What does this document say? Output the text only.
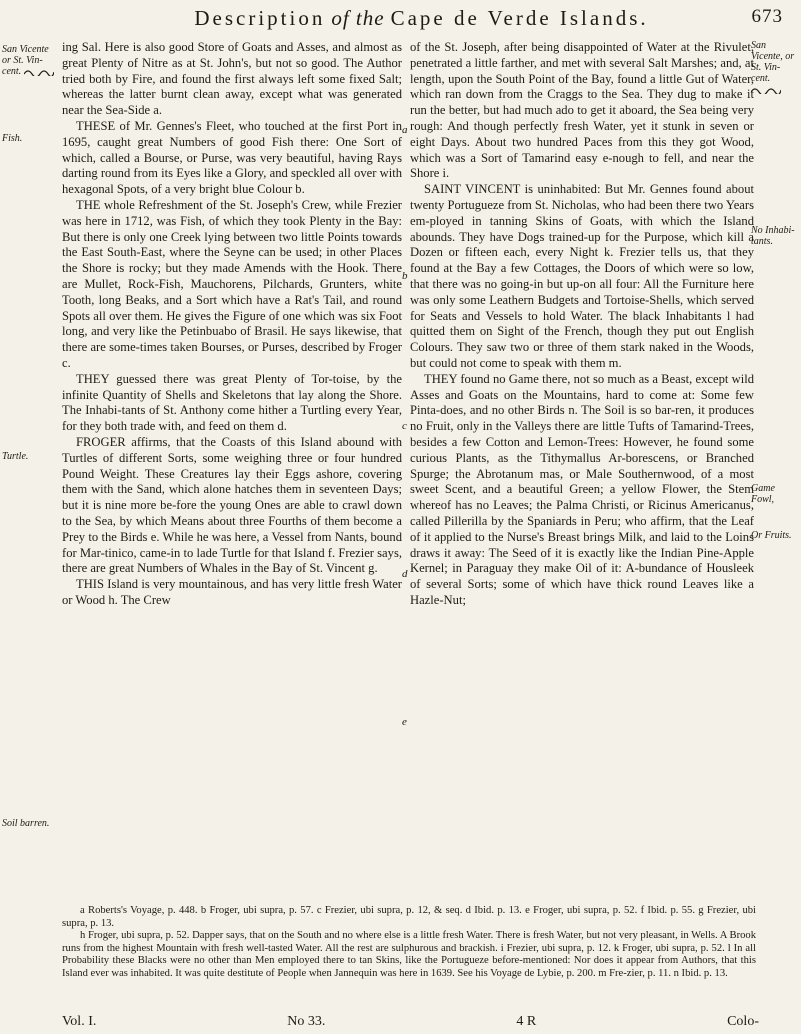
Description of the Cape de Verde Islands.	673
San Vicente or St. Vin-cent.
Fish.
Turtle.
Soil barren.
San Vicente, or St. Vin-cent.
No Inhabi-tants.
Game Fowl,
Or Fruits.
a
b
c
d
e

ing Sal. Here is also good Store of Goats and Asses, and almost as great Plenty of Nitre as at St. John's, but not so good. The Author tried both by Fire, and found the first always left some fixed Salt; whereas the latter burnt clean away, except what was generated near the Sea-Side a.

THESE of Mr. Gennes's Fleet, who touched at the first Port in 1695, caught great Numbers of good Fish there: One Sort of which, called a Bourse, or Purse, was very beautiful, having Rays darting round from its Eyes like a Glory, and speckled all over with hexagonal Spots, of a very bright blue Colour b.

THE whole Refreshment of the St. Joseph's Crew, while Frezier was here in 1712, was Fish, of which they took Plenty in the Bay: But there is only one Creek lying between two little Points towards the East South-East, where the Seyne can be used; in other Places the Shore is rocky; but they made Amends with the Hook. There are Mullet, Rock-Fish, Mauchorens, Pilchards, Grunters, white Tooth, long Beaks, and a Sort which have a Rat's Tail, and round Spots all over them. He gives the Figure of one which was six Foot long, and very like the Petinbuabo of Brasil. He says likewise, that there are some-times taken Bourses, or Purses, described by Froger c.

THEY guessed there was great Plenty of Tor-toise, by the infinite Quantity of Shells and Skeletons that lay along the Shore. The Inhabi-tants of St. Anthony come hither a Turtling every Year, for they both trade with, and feed on them d.

FROGER affirms, that the Coasts of this Island abound with Turtles of different Sorts, some weighing three or four hundred Pound Weight. These Creatures lay their Eggs ashore, covering them with the Sand, which alone hatches them in seventeen Days; but it is nine more be-fore the young Ones are able to crawl down to the Sea, by which Means about three Fourths of them become a Prey to the Birds e. While he was here, a Vessel from Nants, bound for Mar-tinico, came-in to lade Turtle for that Island f. Frezier says, there are great Numbers of Whales in the Bay of St. Vincent g.

THIS Island is very mountainous, and has very little fresh Water or Wood h. The Crew

of the St. Joseph, after being disappointed of Water at the Rivulet, penetrated a little farther, and met with several Salt Marshes; and, at length, upon the South Point of the Bay, found a little Gut of Water, which ran down from the Craggs to the Sea. They dug to make it run the better, but had much ado to get it aboard, the Sea being very rough: And though perfectly fresh Water, yet it stunk in seven or eight Days. About two hundred Paces from this they got Wood, which was a Sort of Tamarind easy e-nough to fell, and near the Shore i.

SAINT VINCENT is uninhabited: But Mr. Gennes found about twenty Portugueze from St. Nicholas, who had been there two Years em-ployed in tanning Skins of Goats, with which the Island abounds. They have Dogs trained-up for the Purpose, which kill a Dozen or fifteen each, every Night k. Frezier tells us, that they found at the Bay a few Cottages, the Doors of which were so low, that there was no going-in but up-on all four: All the Furniture here was only some Leathern Budgets and Tortoise-Shells, which served for Seats and Vessels to hold Water. The black Inhabitants l had quitted them on Sight of the French, though they put out English Colours. They saw two or three of them stark naked in the Woods, but could not come to speak with them m.

THEY found no Game there, not so much as a Beast, except wild Asses and Goats on the Mountains, hard to come at: Some few Pinta-does, and no other Birds n. The Soil is so bar-ren, it produces no Fruit, only in the Valleys there are little Tufts of Tamarind-Trees, besides a few Cotton and Lemon-Trees: However, he found some curious Plants, as the Tithymallus Ar-borescens, or Branched Spurge; the Abrotanum mas, or Male Southernwood, of a most sweet Scent, and a beautiful Green; a yellow Flower, the Stem whereof has no Leaves; the Palma Christi, or Ricinus Americanus, called Pillerilla by the Spaniards in Peru; who affirm, that the Leaf of it applied to the Nurse's Breast brings Milk, and laid to the Loins draws it away: The Seed of it is exactly like the Indian Pine-Apple Kernel; in Paraguay they make Oil of it: A-bundance of Housleek of several Sorts; some of which have thick round Leaves like a Hazle-Nut;

a Roberts's Voyage, p. 448. b Froger, ubi supra, p. 57. c Frezier, ubi supra, p. 12, & seq. d Ibid. p. 13. e Froger, ubi supra, p. 52. f Ibid. p. 55. g Frezier, ubi supra, p. 13.

h Froger, ubi supra, p. 52. Dapper says, that on the South and no where else is a little fresh Water. There is fresh Water, but not very pleasant, in Wells. A Brook runs from the highest Mountain with fresh well-tasted Water. All the rest are sulphurous and brackish. i Frezier, ubi supra, p. 12. k Froger, ubi supra, p. 52. l In all Probability these Blacks were no other than Men employed there to tan Skins, like the Portugueze before-mentioned: Nor does it appear from Authors, that this Island ever was inhabited. It was quite destitute of People when Jannequin was here in 1639. See his Voyage de Lybie, p. 200. m Fre-zier, p. 11. n Ibid. p. 13.

Vol. I.	No 33.	4 R	Colo-
